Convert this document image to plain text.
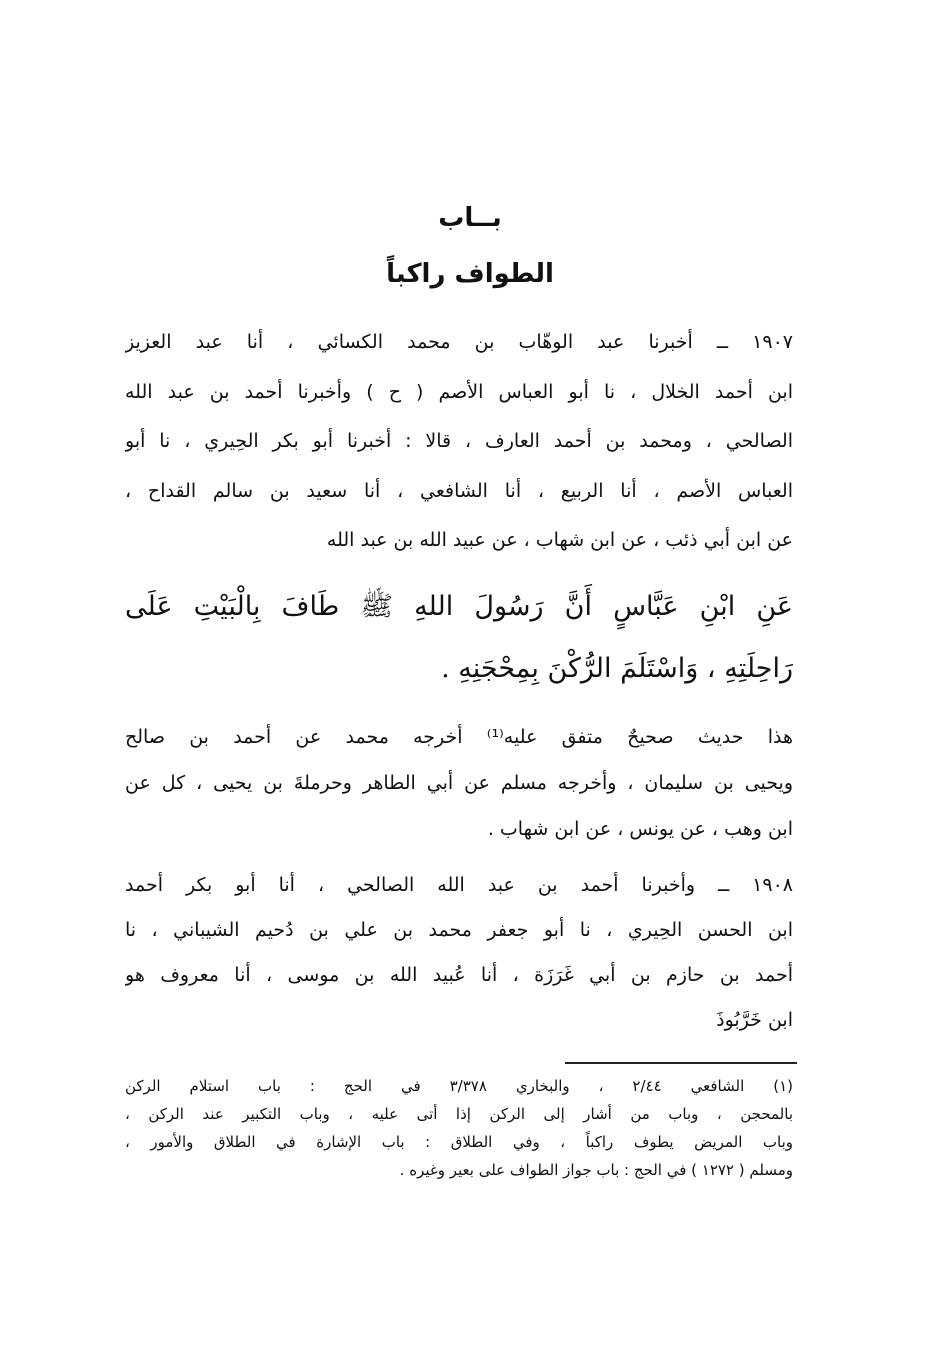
بــاب
الطواف راكباً
١٩٠٧ ــ أخبرنا عبد الوهّاب بن محمد الكسائي ، أنا عبد العزيز
ابن أحمد الخلال ، نا أبو العباس الأصم ( ح ) وأخبرنا أحمد بن عبد الله
الصالحي ، ومحمد بن أحمد العارف ، قالا : أخبرنا أبو بكر الحِيري ، نا أبو
العباس الأصم ، أنا الربيع ، أنا الشافعي ، أنا سعيد بن سالم القداح ،
عن ابن أبي ذئب ، عن ابن شهاب ، عن عبيد الله بن عبد الله
عَنِ ابْنِ عَبَّاسٍ أَنَّ رَسُولَ اللهِ ﷺ طَافَ بِالْبَيْتِ عَلَى
رَاحِلَتِهِ ، وَاسْتَلَمَ الرُّكْنَ بِمِحْجَنِهِ .
هذا حديث صحيحٌ متفق عليه⁽¹⁾ أخرجه محمد عن أحمد بن صالح
ويحيى بن سليمان ، وأخرجه مسلم عن أبي الطاهر وحرملةَ بن يحيى ، كل عن
ابن وهب ، عن يونس ، عن ابن شهاب .
١٩٠٨ ــ وأخبرنا أحمد بن عبد الله الصالحي ، أنا أبو بكر أحمد
ابن الحسن الحِيري ، نا أبو جعفر محمد بن علي بن دُحيم الشيباني ، نا
أحمد بن حازم بن أبي غَرَزَة ، أنا عُبيد الله بن موسى ، أنا معروف هو
ابن خَرَّبُوذَ
(١) الشافعي ٢/٤٤ ، والبخاري ٣/٣٧٨ في الحج : باب استلام الركن
بالمحجن ، وباب من أشار إلى الركن إذا أتى عليه ، وباب التكبير عند الركن ،
وباب المريض يطوف راكباً ، وفي الطلاق : باب الإشارة في الطلاق والأمور ،
ومسلم ( ١٢٧٢ ) في الحج : باب جواز الطواف على بعير وغيره .
